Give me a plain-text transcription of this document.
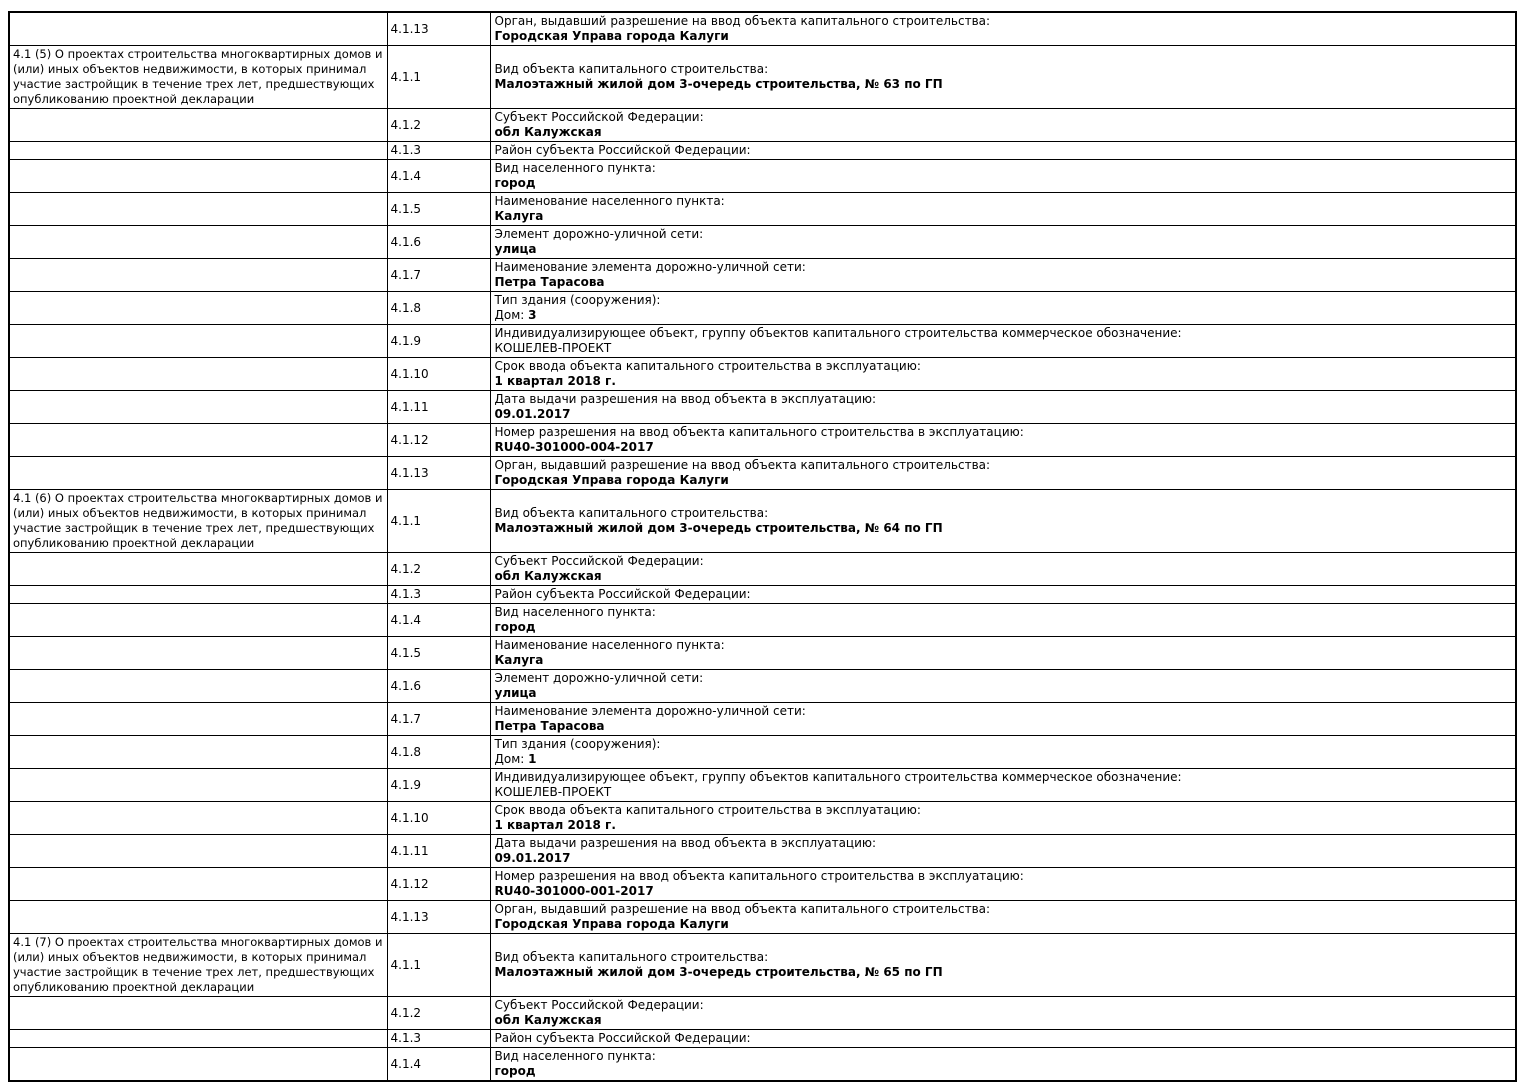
	4.1.13	Орган, выдавший разрешение на ввод объекта капитального строительства:
Городская Управа города Калуги

4.1 (5) О проектах строительства многоквартирных домов и (или) иных объектов недвижимости, в которых принимал участие застройщик в течение трех лет, предшествующих опубликованию проектной декларации	4.1.1	Вид объекта капитального строительства:
Малоэтажный жилой дом 3-очередь строительства, № 63 по ГП

	4.1.2	Субъект Российской Федерации:
обл Калужская

	4.1.3	Район субъекта Российской Федерации:

	4.1.4	Вид населенного пункта:
город

	4.1.5	Наименование населенного пункта:
Калуга

	4.1.6	Элемент дорожно-уличной сети:
улица

	4.1.7	Наименование элемента дорожно-уличной сети:
Петра Тарасова

	4.1.8	Тип здания (сооружения):
Дом: 3

	4.1.9	Индивидуализирующее объект, группу объектов капитального строительства коммерческое обозначение:
КОШЕЛЕВ-ПРОЕКТ

	4.1.10	Срок ввода объекта капитального строительства в эксплуатацию:
1 квартал 2018 г.

	4.1.11	Дата выдачи разрешения на ввод объекта в эксплуатацию:
09.01.2017

	4.1.12	Номер разрешения на ввод объекта капитального строительства в эксплуатацию:
RU40-301000-004-2017

	4.1.13	Орган, выдавший разрешение на ввод объекта капитального строительства:
Городская Управа города Калуги

4.1 (6) О проектах строительства многоквартирных домов и (или) иных объектов недвижимости, в которых принимал участие застройщик в течение трех лет, предшествующих опубликованию проектной декларации	4.1.1	Вид объекта капитального строительства:
Малоэтажный жилой дом 3-очередь строительства, № 64 по ГП

	4.1.2	Субъект Российской Федерации:
обл Калужская

	4.1.3	Район субъекта Российской Федерации:

	4.1.4	Вид населенного пункта:
город

	4.1.5	Наименование населенного пункта:
Калуга

	4.1.6	Элемент дорожно-уличной сети:
улица

	4.1.7	Наименование элемента дорожно-уличной сети:
Петра Тарасова

	4.1.8	Тип здания (сооружения):
Дом: 1

	4.1.9	Индивидуализирующее объект, группу объектов капитального строительства коммерческое обозначение:
КОШЕЛЕВ-ПРОЕКТ

	4.1.10	Срок ввода объекта капитального строительства в эксплуатацию:
1 квартал 2018 г.

	4.1.11	Дата выдачи разрешения на ввод объекта в эксплуатацию:
09.01.2017

	4.1.12	Номер разрешения на ввод объекта капитального строительства в эксплуатацию:
RU40-301000-001-2017

	4.1.13	Орган, выдавший разрешение на ввод объекта капитального строительства:
Городская Управа города Калуги

4.1 (7) О проектах строительства многоквартирных домов и (или) иных объектов недвижимости, в которых принимал участие застройщик в течение трех лет, предшествующих опубликованию проектной декларации	4.1.1	Вид объекта капитального строительства:
Малоэтажный жилой дом 3-очередь строительства, № 65 по ГП

	4.1.2	Субъект Российской Федерации:
обл Калужская

	4.1.3	Район субъекта Российской Федерации:

	4.1.4	Вид населенного пункта:
город
